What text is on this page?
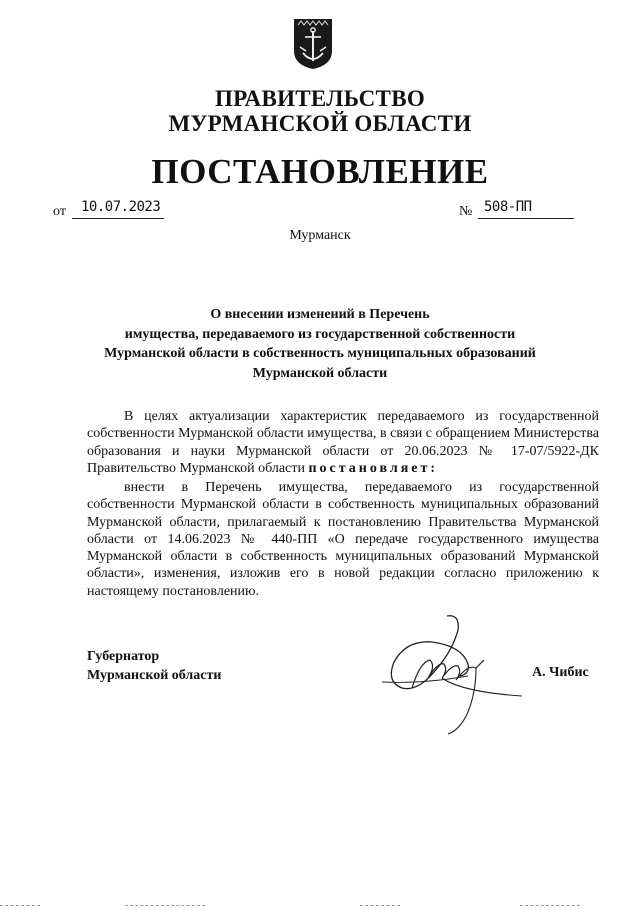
ПРАВИТЕЛЬСТВО
МУРМАНСКОЙ ОБЛАСТИ
ПОСТАНОВЛЕНИЕ
от 10.07.2023	№ 508-ПП
Мурманск
О внесении изменений в Перечень
имущества, передаваемого из государственной собственности
Мурманской области в собственность муниципальных образований
Мурманской области
В целях актуализации характеристик передаваемого из государственной собственности Мурманской области имущества, в связи с обращением Министерства образования и науки Мурманской области от 20.06.2023 № 17-07/5922-ДК Правительство Мурманской области постановляет:
внести в Перечень имущества, передаваемого из государственной собственности Мурманской области в собственность муниципальных образований Мурманской области, прилагаемый к постановлению Правительства Мурманской области от 14.06.2023 № 440-ПП «О передаче государственного имущества Мурманской области в собственность муниципальных образований Мурманской области», изменения, изложив его в новой редакции согласно приложению к настоящему постановлению.
Губернатор
Мурманской области	А. Чибис
